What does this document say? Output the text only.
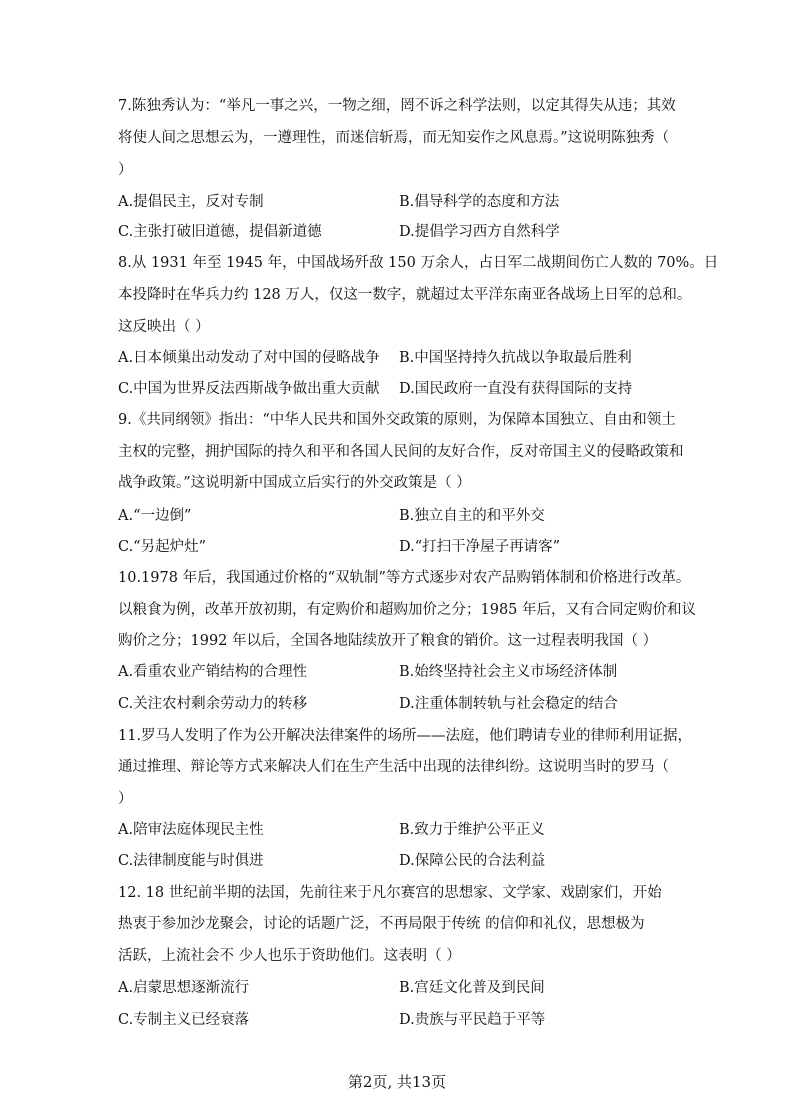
7.陈独秀认为：“举凡一事之兴，一物之细，罔不诉之科学法则，以定其得失从违；其效
将使人间之思想云为，一遵理性，而迷信斩焉，而无知妄作之风息焉。”这说明陈独秀（
）
A.提倡民主，反对专制	B.倡导科学的态度和方法
C.主张打破旧道德，提倡新道德	D.提倡学习西方自然科学
8.从 1931 年至 1945 年，中国战场歼敌 150 万余人，占日军二战期间伤亡人数的 70%。日
本投降时在华兵力约 128 万人，仅这一数字，就超过太平洋东南亚各战场上日军的总和。
这反映出（ ）
A.日本倾巢出动发动了对中国的侵略战争 B.中国坚持持久抗战以争取最后胜利
C.中国为世界反法西斯战争做出重大贡献 D.国民政府一直没有获得国际的支持
9.《共同纲领》指出：“中华人民共和国外交政策的原则，为保障本国独立、自由和领土
主权的完整，拥护国际的持久和平和各国人民间的友好合作，反对帝国主义的侵略政策和
战争政策。”这说明新中国成立后实行的外交政策是（ ）
A.“一边倒”	B.独立自主的和平外交
C.“另起炉灶”	D.“打扫干净屋子再请客”
10.1978 年后，我国通过价格的“双轨制”等方式逐步对农产品购销体制和价格进行改革。
以粮食为例，改革开放初期，有定购价和超购加价之分；1985 年后，又有合同定购价和议
购价之分；1992 年以后，全国各地陆续放开了粮食的销价。这一过程表明我国（ ）
A.看重农业产销结构的合理性	B.始终坚持社会主义市场经济体制
C.关注农村剩余劳动力的转移	D.注重体制转轨与社会稳定的结合
11.罗马人发明了作为公开解决法律案件的场所——法庭，他们聘请专业的律师利用证据，
通过推理、辩论等方式来解决人们在生产生活中出现的法律纠纷。这说明当时的罗马（
）
A.陪审法庭体现民主性	B.致力于维护公平正义
C.法律制度能与时俱进	D.保障公民的合法利益
12. 18 世纪前半期的法国，先前往来于凡尔赛宫的思想家、文学家、戏剧家们，开始
热衷于参加沙龙聚会，讨论的话题广泛，不再局限于传统 的信仰和礼仪，思想极为
活跃，上流社会不 少人也乐于资助他们。这表明（ ）
A.启蒙思想逐渐流行	B.宫廷文化普及到民间
C.专制主义已经衰落	D.贵族与平民趋于平等
第2页, 共13页
